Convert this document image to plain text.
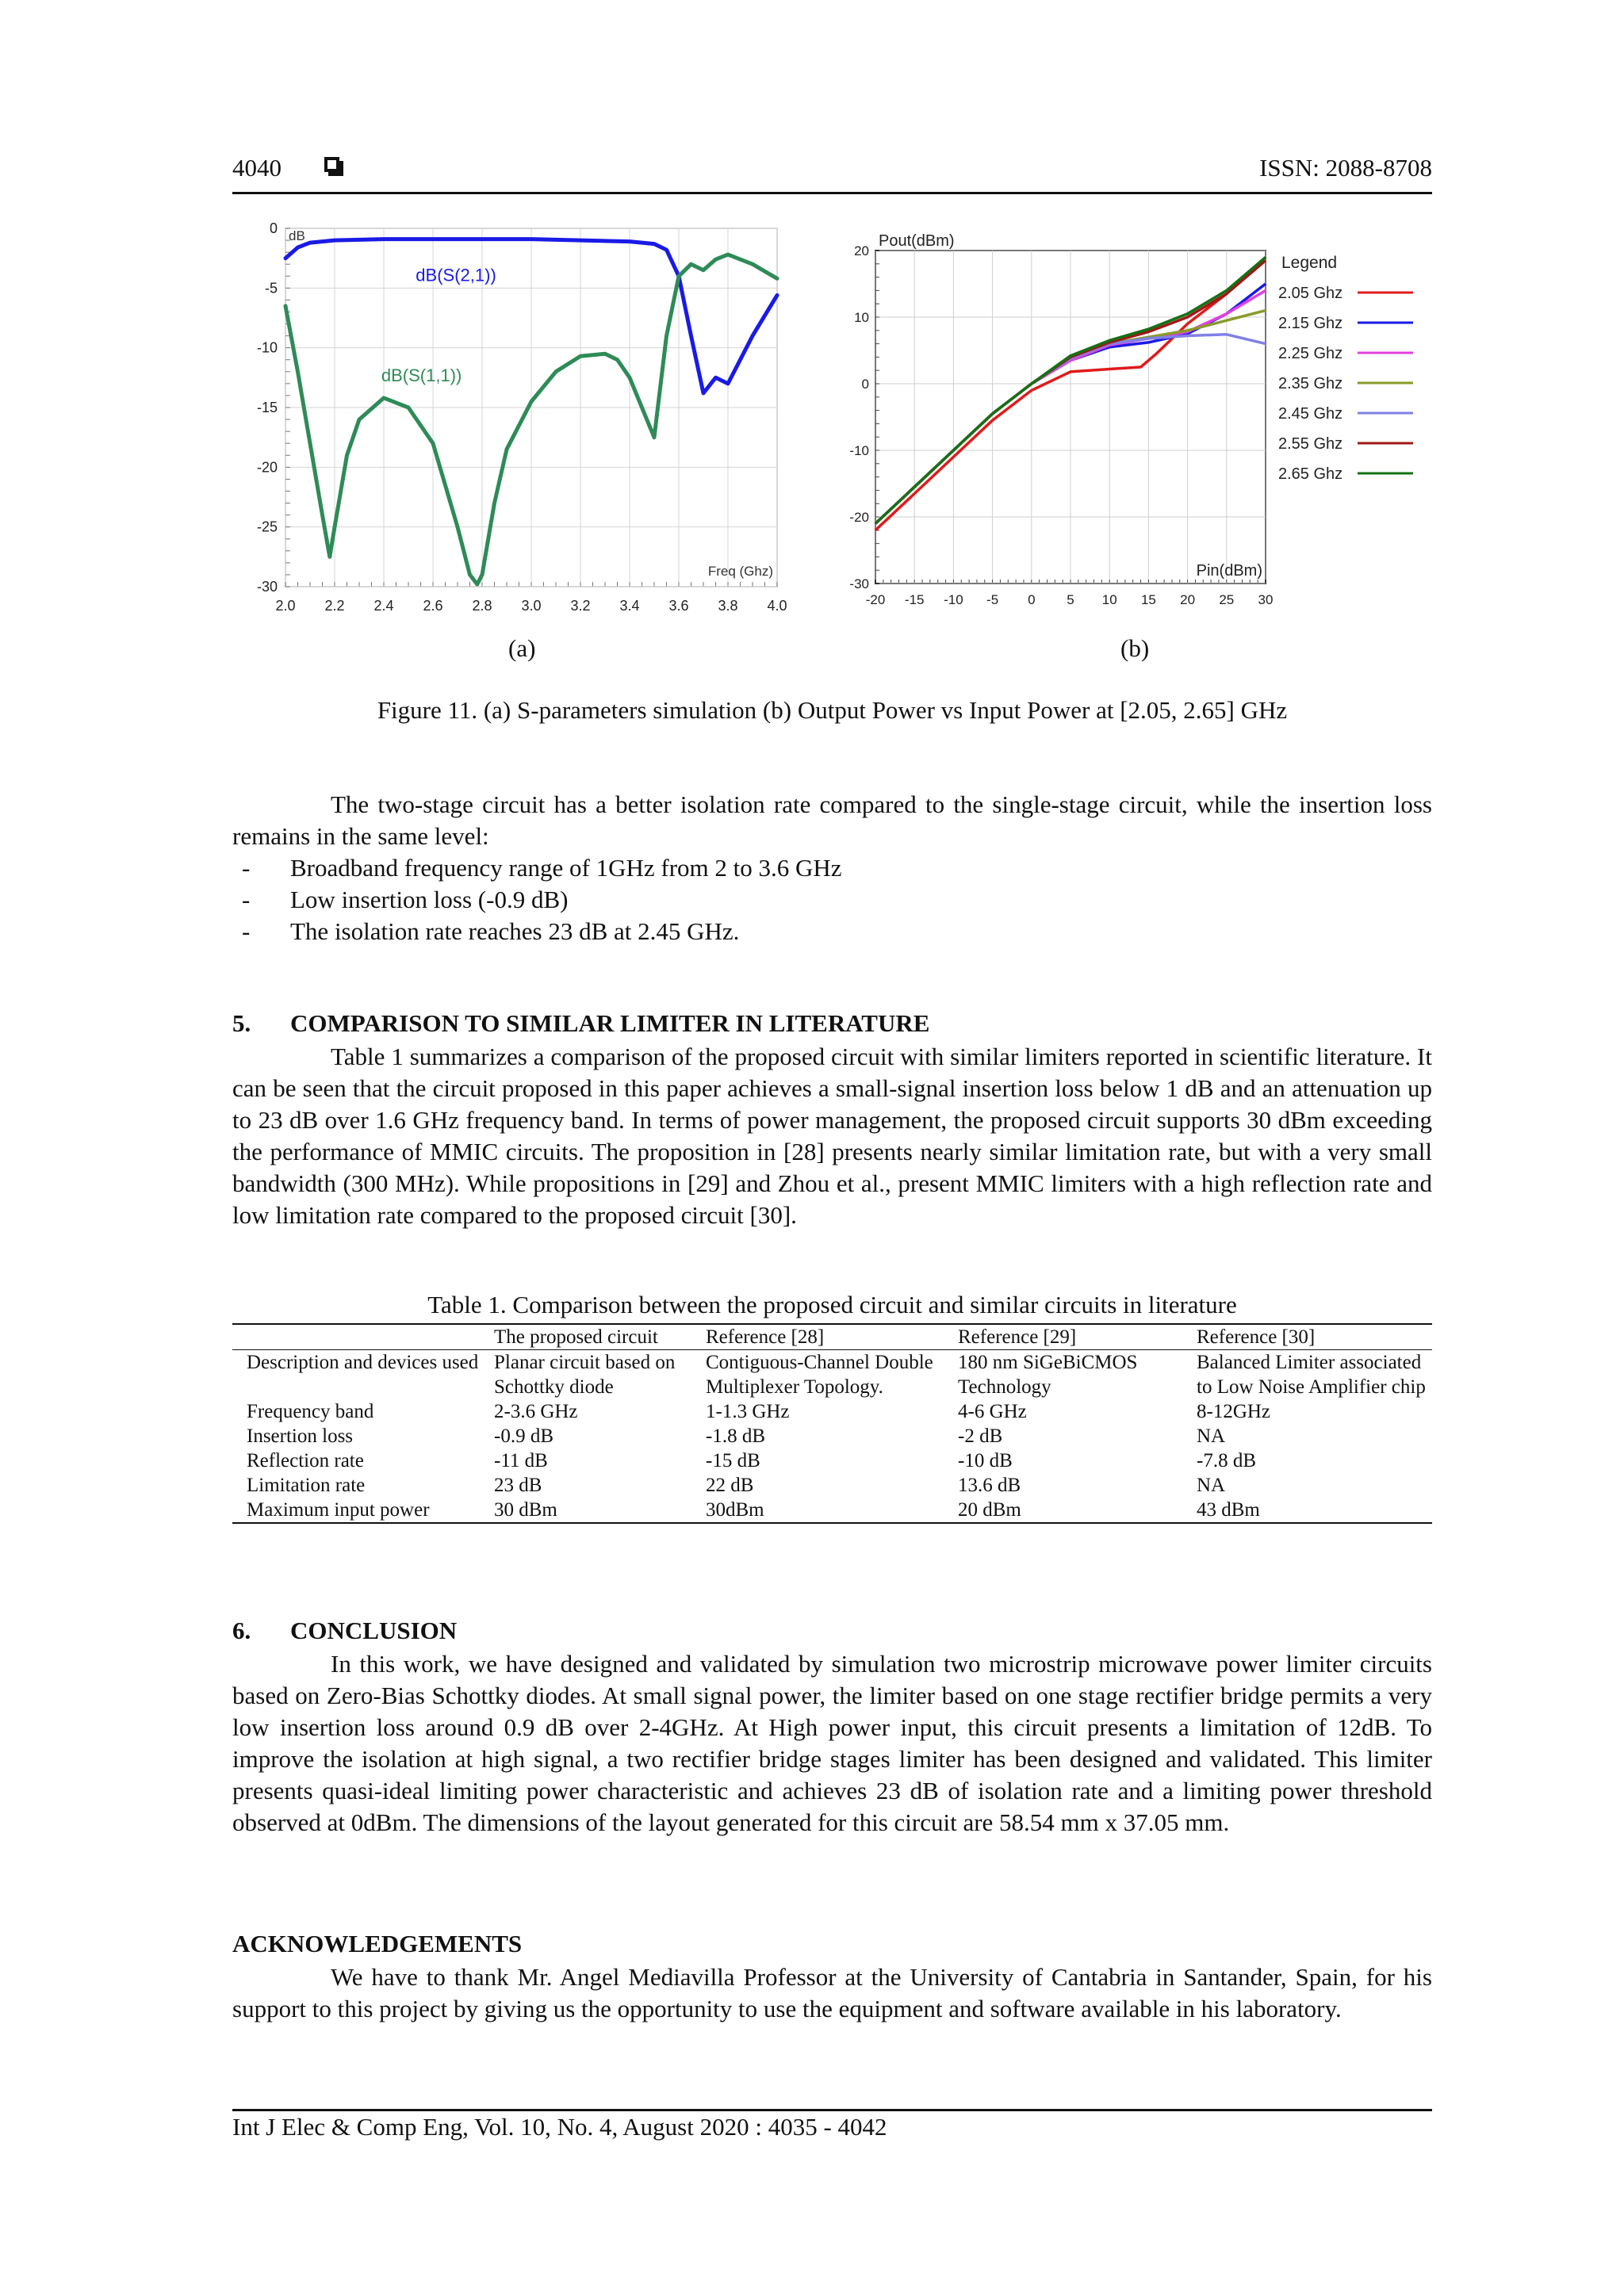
4040	ISSN: 2088-8708
2.0 2.2 2.4 2.6 2.8 3.0 3.2 3.4 3.6 3.8 4.0
0
-5
-10
-15
-20
-25
-30
dB
Freq (Ghz)
dB(S(2,1))
dB(S(1,1))
-20 -15 -10 -5 0 5 10 15 20 25 30
20
10
0
-10
-20
-30
Pout(dBm)
Pin(dBm)
Legend
2.05 Ghz
2.15 Ghz
2.25 Ghz
2.35 Ghz
2.45 Ghz
2.55 Ghz
2.65 Ghz
(a)	(b)
Figure 11. (a) S-parameters simulation (b) Output Power vs Input Power at [2.05, 2.65] GHz

The two-stage circuit has a better isolation rate compared to the single-stage circuit, while the insertion loss remains in the same level:

- Broadband frequency range of 1GHz from 2 to 3.6 GHz
- Low insertion loss (-0.9 dB)
- The isolation rate reaches 23 dB at 2.45 GHz.
5. COMPARISON TO SIMILAR LIMITER IN LITERATURE

Table 1 summarizes a comparison of the proposed circuit with similar limiters reported in scientific literature. It can be seen that the circuit proposed in this paper achieves a small-signal insertion loss below 1 dB and an attenuation up to 23 dB over 1.6 GHz frequency band. In terms of power management, the proposed circuit supports 30 dBm exceeding the performance of MMIC circuits. The proposition in [28] presents nearly similar limitation rate, but with a very small bandwidth (300 MHz). While propositions in [29] and Zhou et al., present MMIC limiters with a high reflection rate and low limitation rate compared to the proposed circuit [30].

Table 1. Comparison between the proposed circuit and similar circuits in literature
	The proposed circuit	Reference [28]	Reference [29]	Reference [30]
Description and devices used	Planar circuit based on Schottky diode	Contiguous-Channel Double Multiplexer Topology.	180 nm SiGeBiCMOS Technology	Balanced Limiter associated to Low Noise Amplifier chip
Frequency band	2-3.6 GHz	1-1.3 GHz	4-6 GHz	8-12GHz
Insertion loss	-0.9 dB	-1.8 dB	-2 dB	NA
Reflection rate	-11 dB	-15 dB	-10 dB	-7.8 dB
Limitation rate	23 dB	22 dB	13.6 dB	NA
Maximum input power	30 dBm	30dBm	20 dBm	43 dBm
6. CONCLUSION

In this work, we have designed and validated by simulation two microstrip microwave power limiter circuits based on Zero-Bias Schottky diodes. At small signal power, the limiter based on one stage rectifier bridge permits a very low insertion loss around 0.9 dB over 2-4GHz. At High power input, this circuit presents a limitation of 12dB. To improve the isolation at high signal, a two rectifier bridge stages limiter has been designed and validated. This limiter presents quasi-ideal limiting power characteristic and achieves 23 dB of isolation rate and a limiting power threshold observed at 0dBm. The dimensions of the layout generated for this circuit are 58.54 mm x 37.05 mm.

ACKNOWLEDGEMENTS

We have to thank Mr. Angel Mediavilla Professor at the University of Cantabria in Santander, Spain, for his support to this project by giving us the opportunity to use the equipment and software available in his laboratory.

Int J Elec & Comp Eng, Vol. 10, No. 4, August 2020 : 4035 - 4042
